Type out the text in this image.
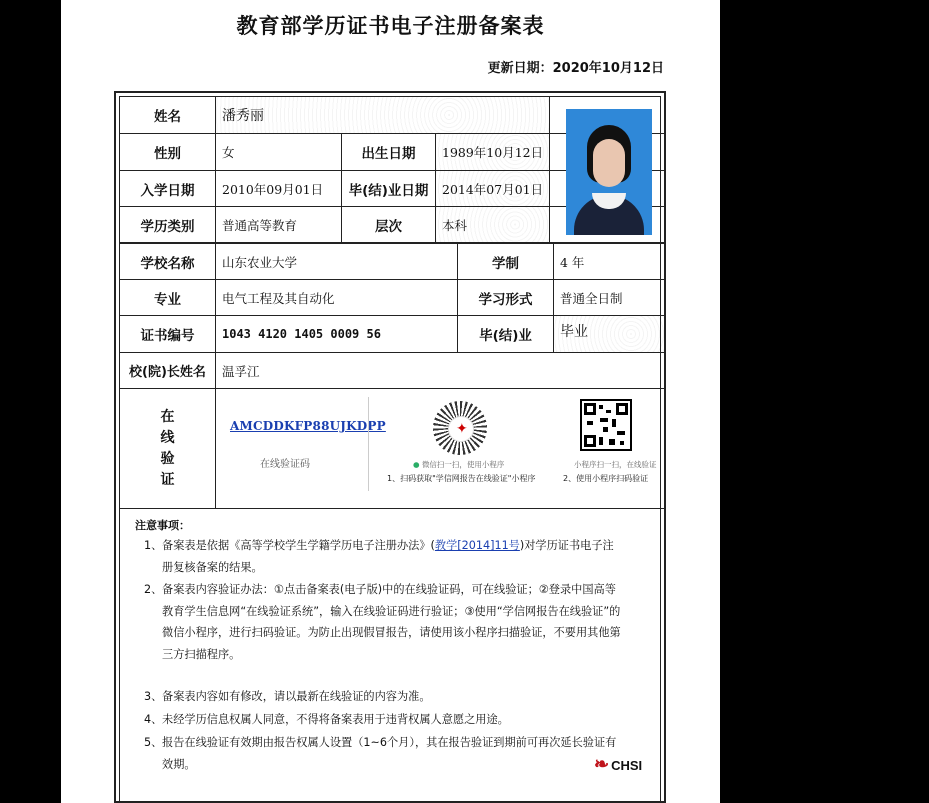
教育部学历证书电子注册备案表
更新日期：2020年10月12日
姓名	潘秀丽
性别	女	出生日期	1989年10月12日
入学日期	2010年09月01日	毕(结)业日期	2014年07月01日
学历类别	普通高等教育	层次	本科
学校名称	山东农业大学	学制	4 年
专业	电气工程及其自动化	学习形式	普通全日制
证书编号	1043 4120 1405 0009 56	毕(结)业	毕业
校(院)长姓名	温孚江
在
线
验
证
AMCDDKFP88UJKDPP
在线验证码
✦
● 微信扫一扫，使用小程序
1、扫码获取"学信网报告在线验证"小程序
小程序扫一扫，在线验证
2、使用小程序扫码验证
注意事项：
1、 备案表是依据《高等学校学生学籍学历电子注册办法》(教学[2014]11号)对学历证书电子注册复核备案的结果。
2、 备案表内容验证办法：①点击备案表(电子版)中的在线验证码，可在线验证；②登录中国高等教育学生信息网“在线验证系统”，输入在线验证码进行验证；③使用“学信网报告在线验证”的微信小程序，进行扫码验证。为防止出现假冒报告，请使用该小程序扫描验证，不要用其他第三方扫描程序。
3、 备案表内容如有修改，请以最新在线验证的内容为准。
4、 未经学历信息权属人同意，不得将备案表用于违背权属人意愿之用途。
5、 报告在线验证有效期由报告权属人设置（1~6个月），其在报告验证到期前可再次延长验证有效期。	❧ CHSI
